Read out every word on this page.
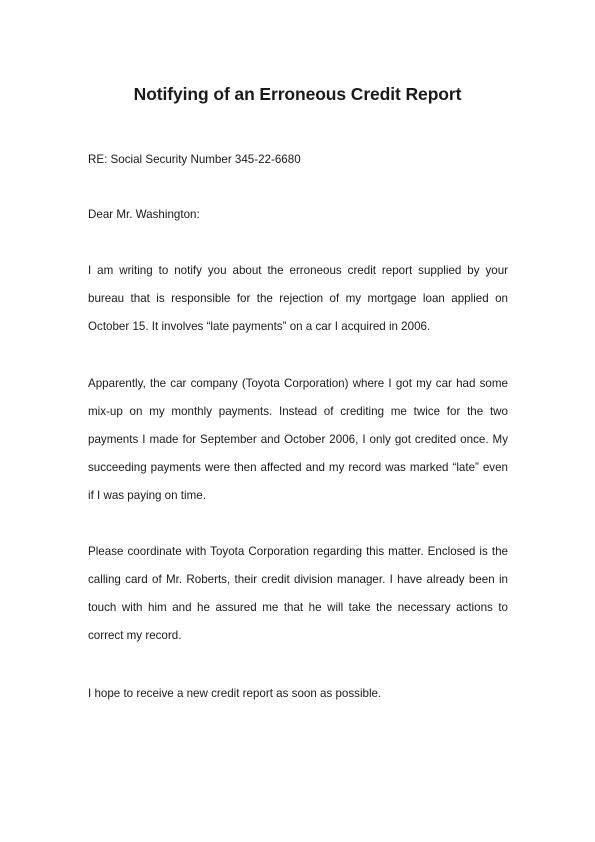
Notifying of an Erroneous Credit Report

RE: Social Security Number 345-22-6680

Dear Mr. Washington:

I am writing to notify you about the erroneous credit report supplied by your bureau that is responsible for the rejection of my mortgage loan applied on October 15. It involves “late payments” on a car I acquired in 2006.

Apparently, the car company (Toyota Corporation) where I got my car had some mix-up on my monthly payments. Instead of crediting me twice for the two payments I made for September and October 2006, I only got credited once. My succeeding payments were then affected and my record was marked “late” even if I was paying on time.

Please coordinate with Toyota Corporation regarding this matter. Enclosed is the calling card of Mr. Roberts, their credit division manager. I have already been in touch with him and he assured me that he will take the necessary actions to correct my record.

I hope to receive a new credit report as soon as possible.
